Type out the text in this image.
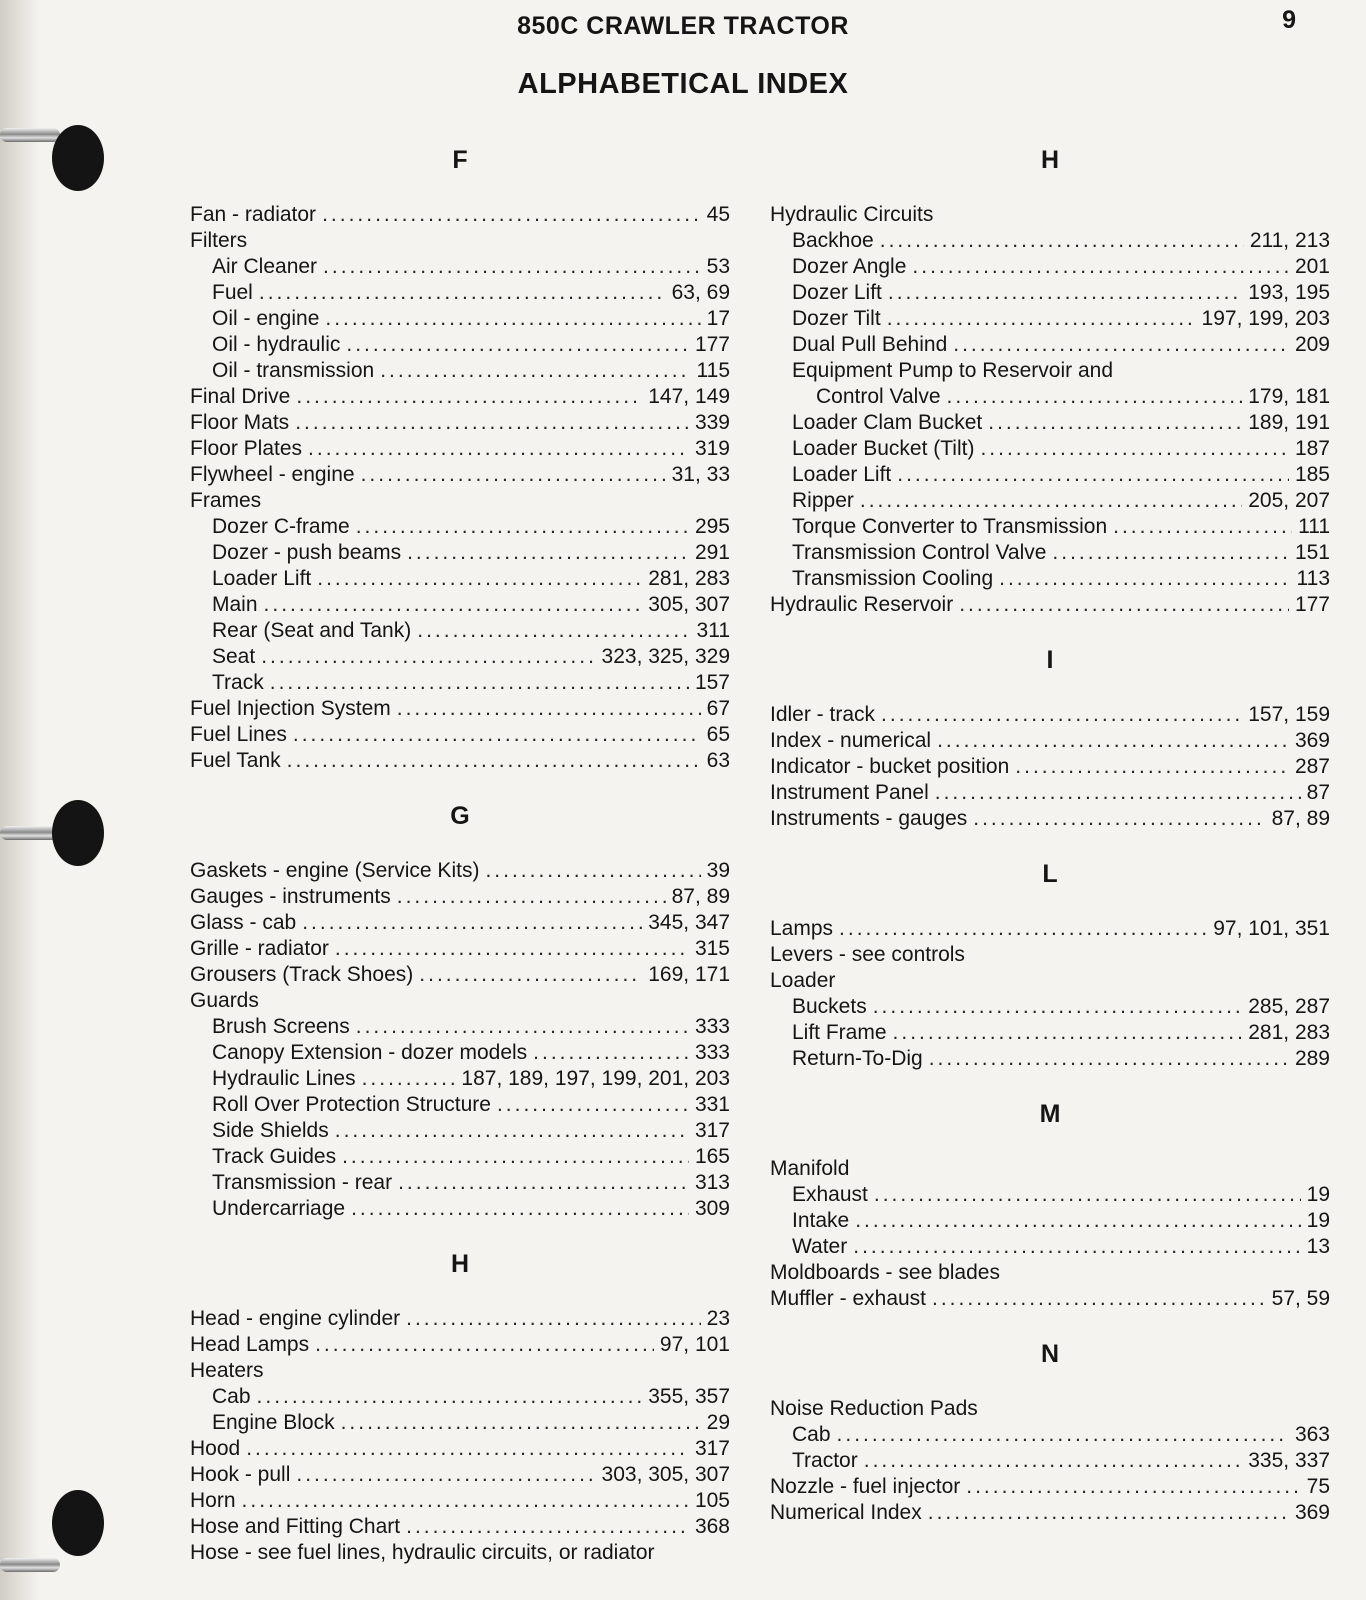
850C CRAWLER TRACTOR
ALPHABETICAL INDEX
9
F
Fan - radiator .....	45
Filters
Air Cleaner .....	53
Fuel .....	63, 69
Oil - engine .....	17
Oil - hydraulic .....	177
Oil - transmission .....	115
Final Drive .....	147, 149
Floor Mats .....	339
Floor Plates .....	319
Flywheel - engine .....	31, 33
Frames
Dozer C-frame .....	295
Dozer - push beams .....	291
Loader Lift .....	281, 283
Main .....	305, 307
Rear (Seat and Tank) .....	311
Seat .....	323, 325, 329
Track .....	157
Fuel Injection System .....	67
Fuel Lines .....	65
Fuel Tank .....	63
G
Gaskets - engine (Service Kits) .....	39
Gauges - instruments .....	87, 89
Glass - cab .....	345, 347
Grille - radiator .....	315
Grousers (Track Shoes) .....	169, 171
Guards
Brush Screens .....	333
Canopy Extension - dozer models .....	333
Hydraulic Lines .....	187, 189, 197, 199, 201, 203
Roll Over Protection Structure .....	331
Side Shields .....	317
Track Guides .....	165
Transmission - rear .....	313
Undercarriage .....	309
H
Head - engine cylinder .....	23
Head Lamps .....	97, 101
Heaters
Cab .....	355, 357
Engine Block .....	29
Hood .....	317
Hook - pull .....	303, 305, 307
Horn .....	105
Hose and Fitting Chart .....	368
Hose - see fuel lines, hydraulic circuits, or radiator
H
Hydraulic Circuits
Backhoe .....	211, 213
Dozer Angle .....	201
Dozer Lift .....	193, 195
Dozer Tilt .....	197, 199, 203
Dual Pull Behind .....	209
Equipment Pump to Reservoir and
Control Valve .....	179, 181
Loader Clam Bucket .....	189, 191
Loader Bucket (Tilt) .....	187
Loader Lift .....	185
Ripper .....	205, 207
Torque Converter to Transmission .....	111
Transmission Control Valve .....	151
Transmission Cooling .....	113
Hydraulic Reservoir .....	177
I
Idler - track .....	157, 159
Index - numerical .....	369
Indicator - bucket position .....	287
Instrument Panel .....	87
Instruments - gauges .....	87, 89
L
Lamps .....	97, 101, 351
Levers - see controls
Loader
Buckets .....	285, 287
Lift Frame .....	281, 283
Return-To-Dig .....	289
M
Manifold
Exhaust .....	19
Intake .....	19
Water .....	13
Moldboards - see blades
Muffler - exhaust .....	57, 59
N
Noise Reduction Pads
Cab .....	363
Tractor .....	335, 337
Nozzle - fuel injector .....	75
Numerical Index .....	369
